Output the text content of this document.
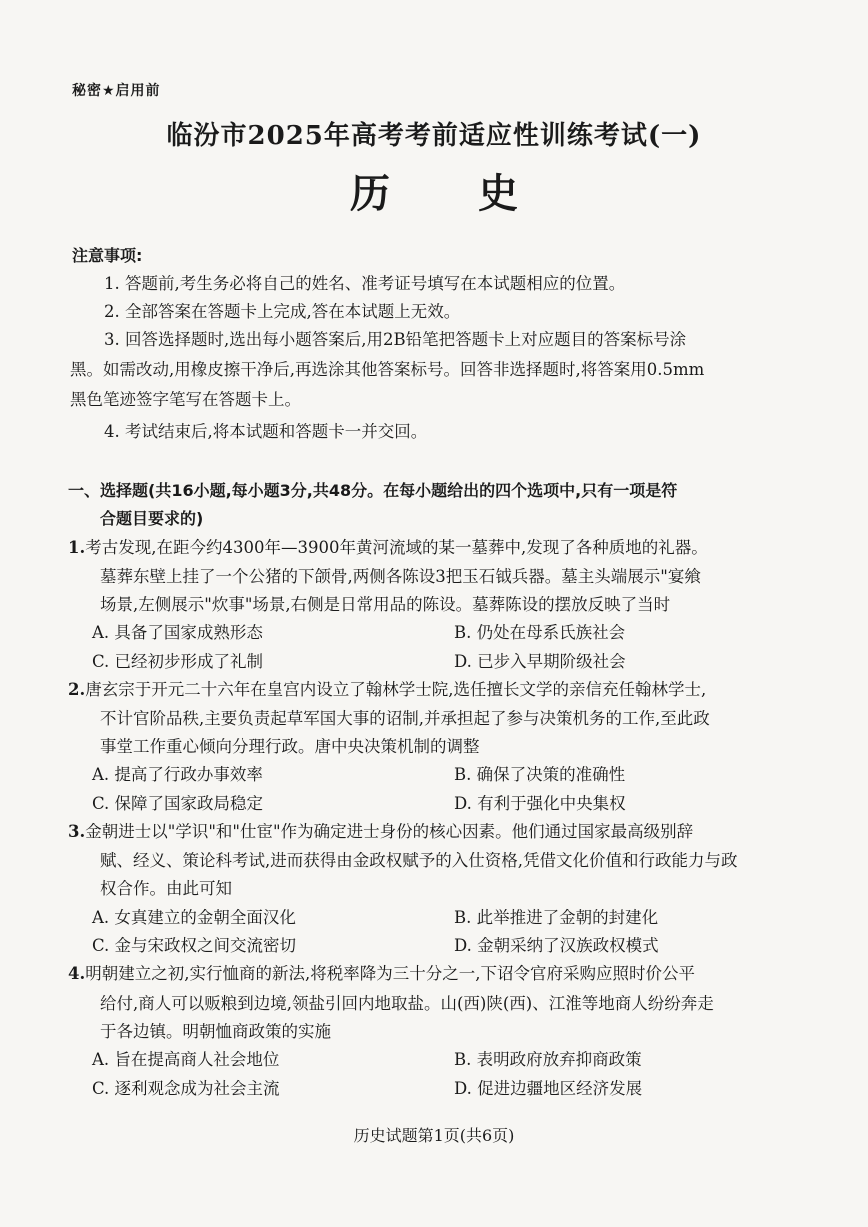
秘密★启用前
临汾市2025年高考考前适应性训练考试(一)
历 史
注意事项:
1. 答题前,考生务必将自己的姓名、准考证号填写在本试题相应的位置。
2. 全部答案在答题卡上完成,答在本试题上无效。
3. 回答选择题时,选出每小题答案后,用2B铅笔把答题卡上对应题目的答案标号涂
黑。如需改动,用橡皮擦干净后,再选涂其他答案标号。回答非选择题时,将答案用0.5mm
黑色笔迹签字笔写在答题卡上。
4. 考试结束后,将本试题和答题卡一并交回。
一、选择题(共16小题,每小题3分,共48分。在每小题给出的四个选项中,只有一项是符
合题目要求的)
1.考古发现,在距今约4300年—3900年黄河流域的某一墓葬中,发现了各种质地的礼器。
墓葬东壁上挂了一个公猪的下颌骨,两侧各陈设3把玉石钺兵器。墓主头端展示"宴飨
场景,左侧展示"炊事"场景,右侧是日常用品的陈设。墓葬陈设的摆放反映了当时
A. 具备了国家成熟形态	B. 仍处在母系氏族社会
C. 已经初步形成了礼制	D. 已步入早期阶级社会
2.唐玄宗于开元二十六年在皇宫内设立了翰林学士院,选任擅长文学的亲信充任翰林学士,
不计官阶品秩,主要负责起草军国大事的诏制,并承担起了参与决策机务的工作,至此政
事堂工作重心倾向分理行政。唐中央决策机制的调整
A. 提高了行政办事效率	B. 确保了决策的准确性
C. 保障了国家政局稳定	D. 有利于强化中央集权
3.金朝进士以"学识"和"仕宦"作为确定进士身份的核心因素。他们通过国家最高级别辞
赋、经义、策论科考试,进而获得由金政权赋予的入仕资格,凭借文化价值和行政能力与政
权合作。由此可知
A. 女真建立的金朝全面汉化	B. 此举推进了金朝的封建化
C. 金与宋政权之间交流密切	D. 金朝采纳了汉族政权模式
4.明朝建立之初,实行恤商的新法,将税率降为三十分之一,下诏令官府采购应照时价公平
给付,商人可以贩粮到边境,领盐引回内地取盐。山(西)陕(西)、江淮等地商人纷纷奔走
于各边镇。明朝恤商政策的实施
A. 旨在提高商人社会地位	B. 表明政府放弃抑商政策
C. 逐利观念成为社会主流	D. 促进边疆地区经济发展
历史试题第1页(共6页)
